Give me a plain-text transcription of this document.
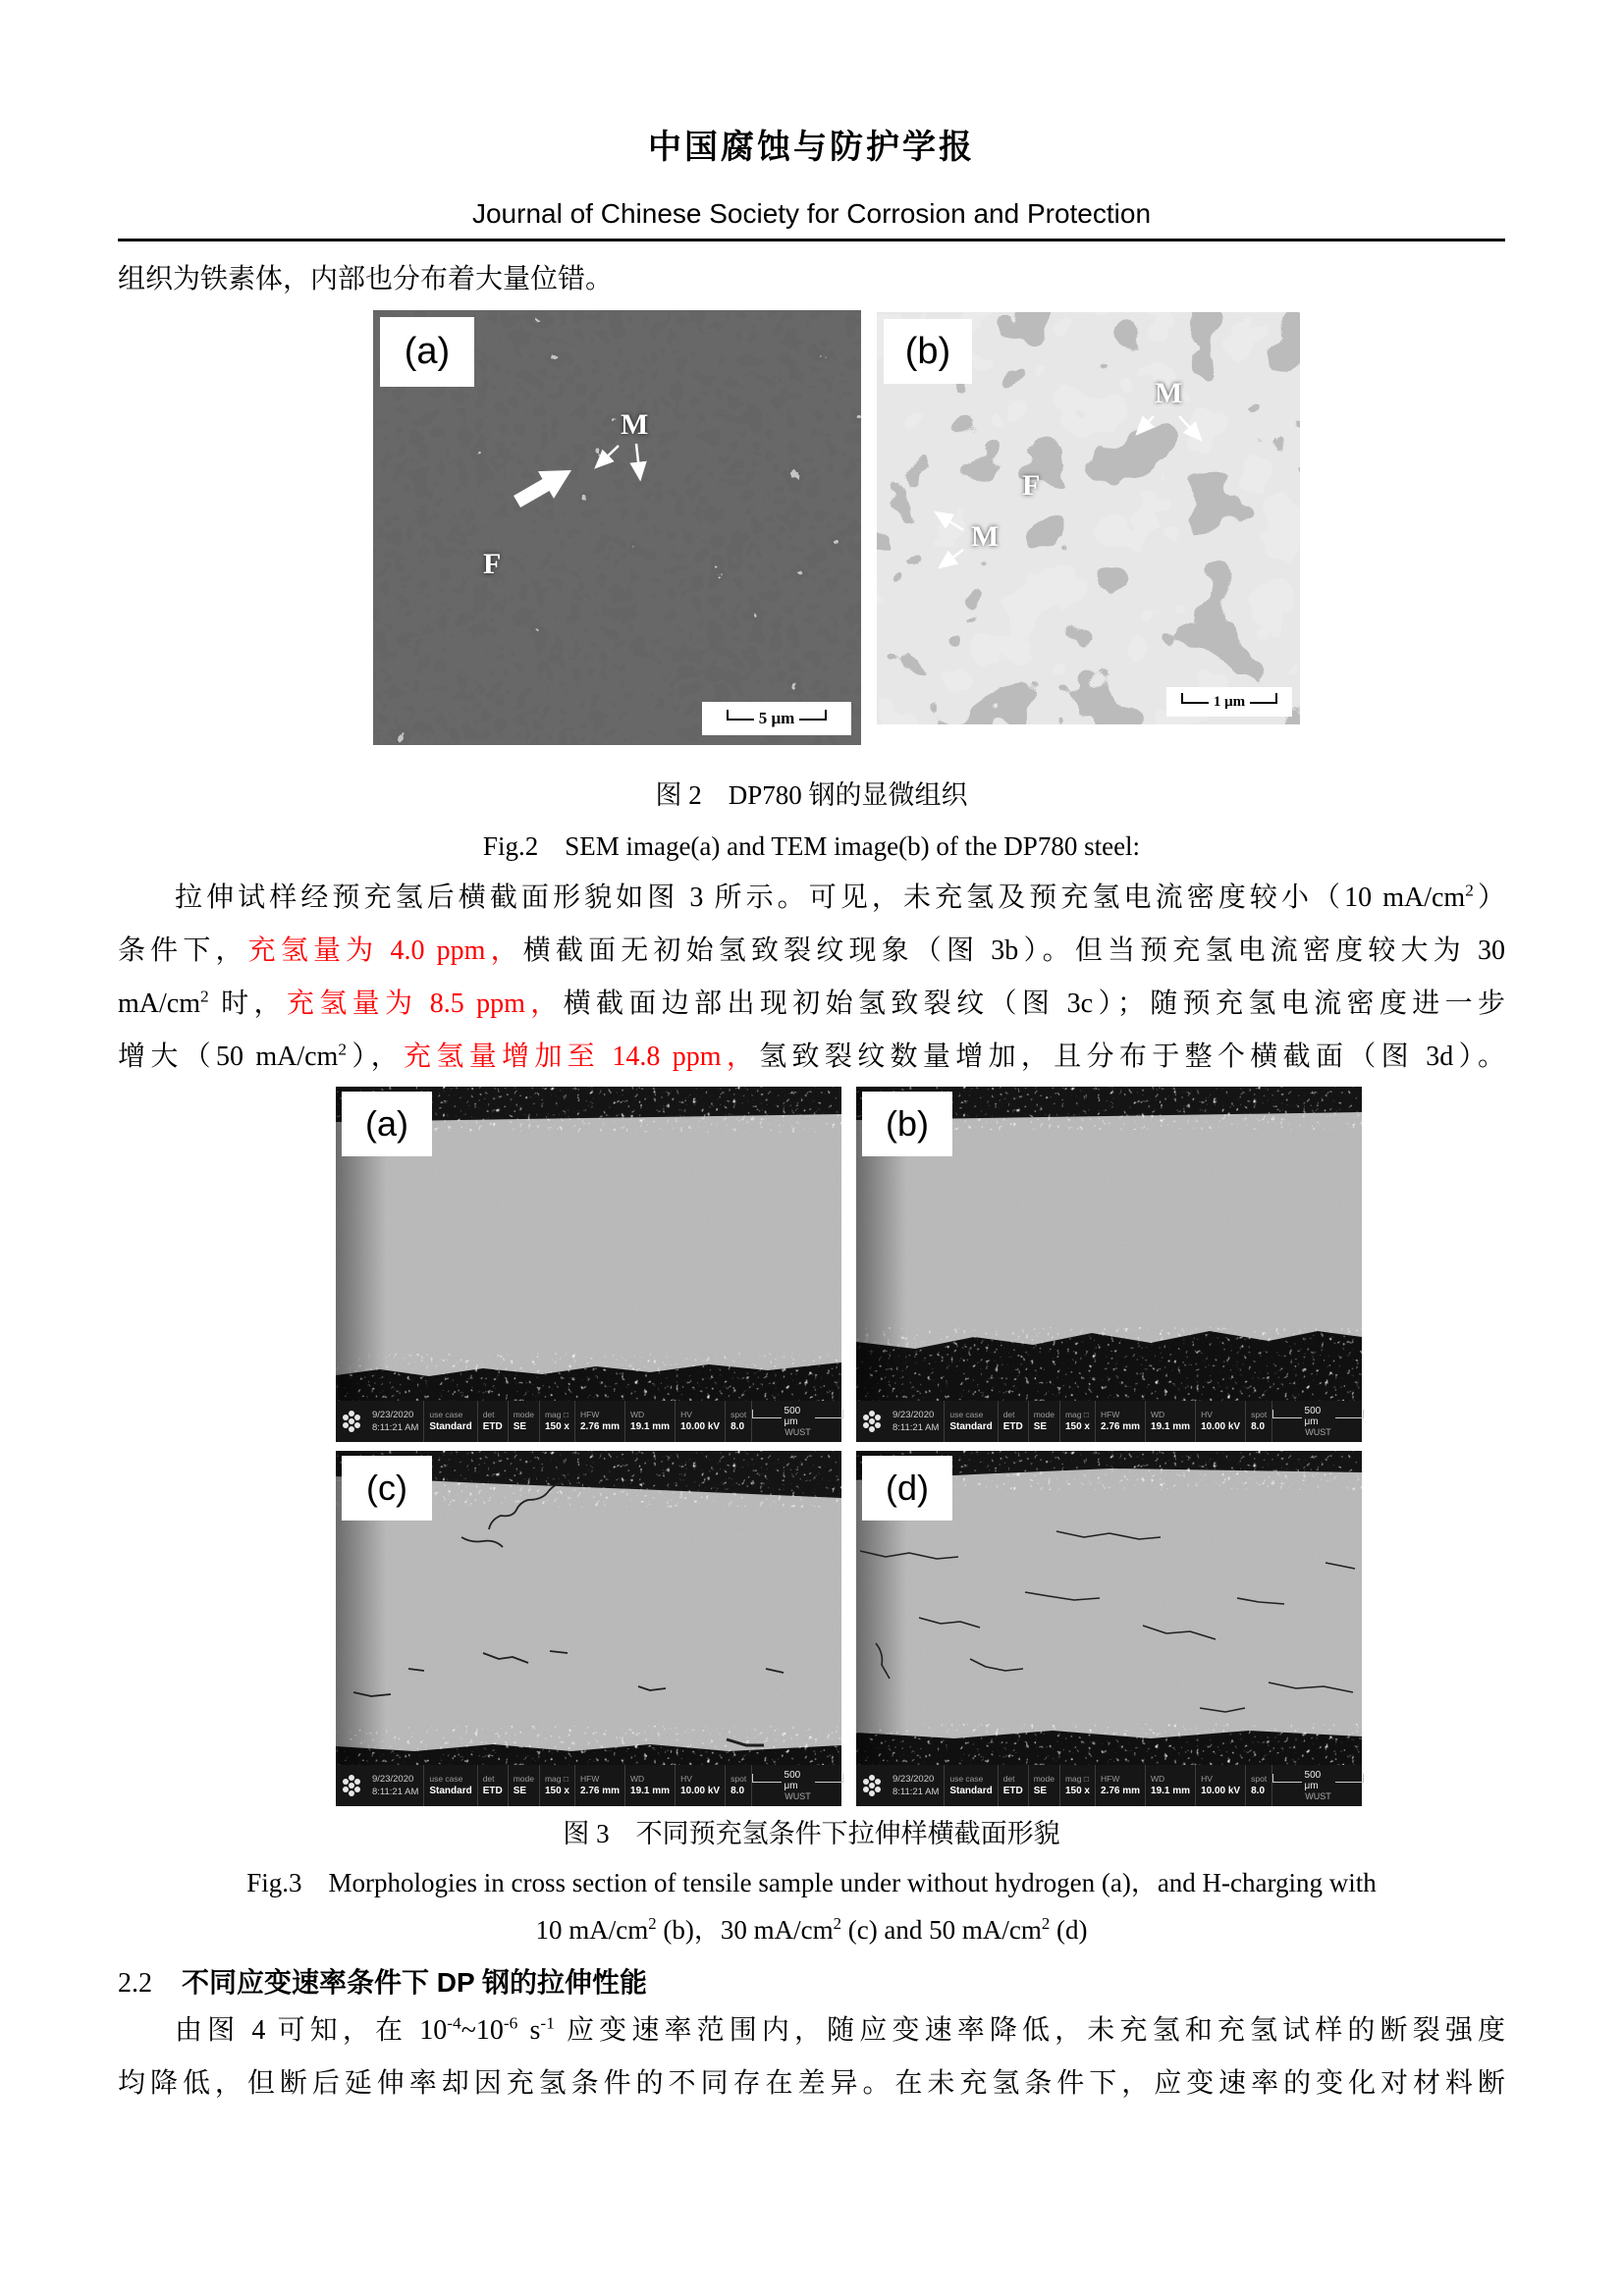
中国腐蚀与防护学报
Journal of Chinese Society for Corrosion and Protection
组织为铁素体，内部也分布着大量位错。
(a)
M
F
5 μm
(b)
M
F
M
1 μm
图 2　DP780 钢的显微组织
Fig.2　SEM image(a) and TEM image(b) of the DP780 steel:
拉伸试样经预充氢后横截面形貌如图 3 所示。可见，未充氢及预充氢电流密度较小（10 $mA/cm^2$）
条件下，充氢量为 4.0 ppm，横截面无初始氢致裂纹现象（图 3b）。但当预充氢电流密度较大为 30
$mA/cm^2$ 时，充氢量为 8.5 ppm，横截面边部出现初始氢致裂纹（图 3c）；随预充氢电流密度进一步
增大（50 $mA/cm^2$），充氢量增加至 14.8 ppm，氢致裂纹数量增加，且分布于整个横截面（图 3d）。
(a)
9/23/2020
8:11:21 AM
use case
Standard
det
ETD
mode
SE
mag □
150 x
HFW
2.76 mm
WD
19.1 mm
HV
10.00 kV
spot
8.0
500 μm
WUST
(b)
9/23/2020
8:11:21 AM
use case
Standard
det
ETD
mode
SE
mag □
150 x
HFW
2.76 mm
WD
19.1 mm
HV
10.00 kV
spot
8.0
500 μm
WUST
(c)
9/23/2020
8:11:21 AM
use case
Standard
det
ETD
mode
SE
mag □
150 x
HFW
2.76 mm
WD
19.1 mm
HV
10.00 kV
spot
8.0
500 μm
WUST
(d)
9/23/2020
8:11:21 AM
use case
Standard
det
ETD
mode
SE
mag □
150 x
HFW
2.76 mm
WD
19.1 mm
HV
10.00 kV
spot
8.0
500 μm
WUST
图 3　不同预充氢条件下拉伸样横截面形貌
Fig.3　Morphologies in cross section of tensile sample under without hydrogen (a)，and H-charging with
10 $mA/cm^2$ (b)，30 $mA/cm^2$ (c) and 50 $mA/cm^2$ (d)
2.2 不同应变速率条件下 DP 钢的拉伸性能
由图 4 可知，在 $10^{-4}\sim 10^{-6}$ $s^{-1}$ 应变速率范围内，随应变速率降低，未充氢和充氢试样的断裂强度
均降低，但断后延伸率却因充氢条件的不同存在差异。在未充氢条件下，应变速率的变化对材料断
